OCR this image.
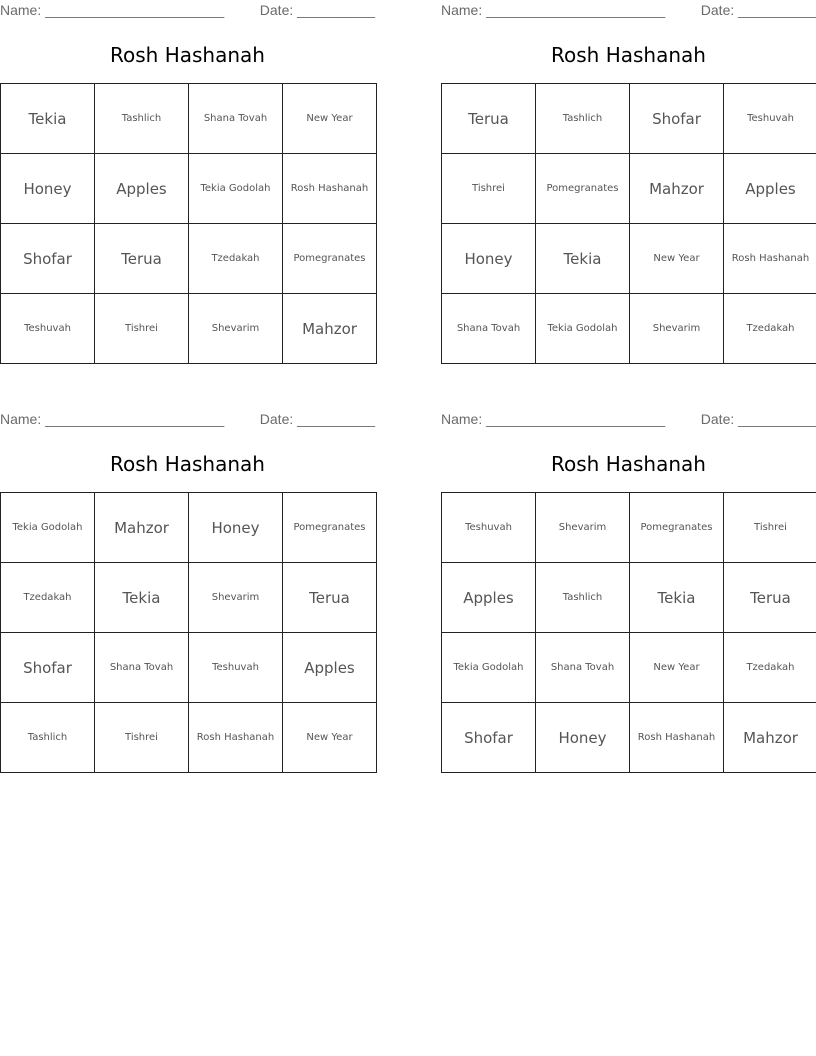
Name: _______________________	Date: __________
Rosh Hashanah
Tekia	Tashlich	Shana Tovah	New Year
Honey	Apples	Tekia Godolah	Rosh Hashanah
Shofar	Terua	Tzedakah	Pomegranates
Teshuvah	Tishrei	Shevarim	Mahzor
Name: _______________________	Date: __________
Rosh Hashanah
Terua	Tashlich	Shofar	Teshuvah
Tishrei	Pomegranates	Mahzor	Apples
Honey	Tekia	New Year	Rosh Hashanah
Shana Tovah	Tekia Godolah	Shevarim	Tzedakah
Name: _______________________	Date: __________
Rosh Hashanah
Tekia Godolah	Mahzor	Honey	Pomegranates
Tzedakah	Tekia	Shevarim	Terua
Shofar	Shana Tovah	Teshuvah	Apples
Tashlich	Tishrei	Rosh Hashanah	New Year
Name: _______________________	Date: __________
Rosh Hashanah
Teshuvah	Shevarim	Pomegranates	Tishrei
Apples	Tashlich	Tekia	Terua
Tekia Godolah	Shana Tovah	New Year	Tzedakah
Shofar	Honey	Rosh Hashanah	Mahzor
